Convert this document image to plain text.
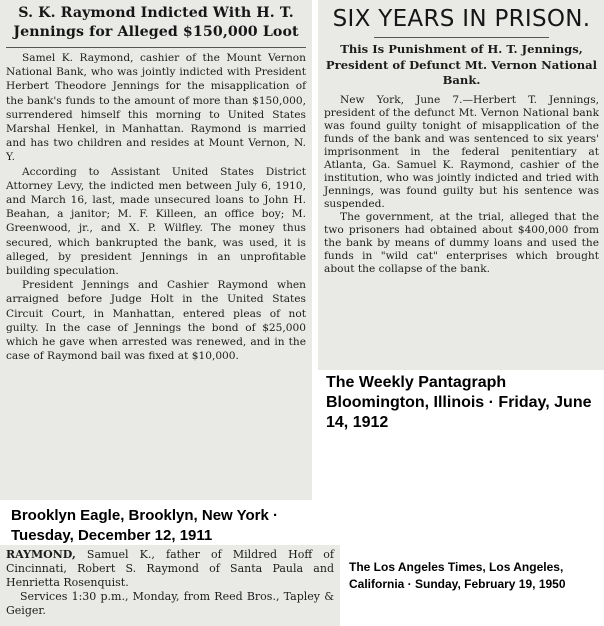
S. K. Raymond Indicted With H. T. Jennings for Alleged $150,000 Loot

Samel K. Raymond, cashier of the Mount Vernon National Bank, who was jointly indicted with President Herbert Theodore Jennings for the misapplication of the bank's funds to the amount of more than $150,000, surrendered himself this morning to United States Marshal Henkel, in Manhattan. Raymond is married and has two children and resides at Mount Vernon, N. Y.

According to Assistant United States District Attorney Levy, the indicted men between July 6, 1910, and March 16, last, made unsecured loans to John H. Beahan, a janitor; M. F. Killeen, an office boy; M. Greenwood, jr., and X. P. Wilfley. The money thus secured, which bankrupted the bank, was used, it is alleged, by president Jennings in an unprofitable building speculation.

President Jennings and Cashier Raymond when arraigned before Judge Holt in the United States Circuit Court, in Manhattan, entered pleas of not guilty. In the case of Jennings the bond of $25,000 which he gave when arrested was renewed, and in the case of Raymond bail was fixed at $10,000.

SIX YEARS IN PRISON.
This Is Punishment of H. T. Jennings, President of Defunct Mt. Vernon National Bank.

New York, June 7.—Herbert T. Jennings, president of the defunct Mt. Vernon National bank was found guilty tonight of misapplication of the funds of the bank and was sentenced to six years' imprisonment in the federal penitentiary at Atlanta, Ga. Samuel K. Raymond, cashier of the institution, who was jointly indicted and tried with Jennings, was found guilty but his sentence was suspended.

The government, at the trial, alleged that the two prisoners had obtained about $400,000 from the bank by means of dummy loans and used the funds in "wild cat" enterprises which brought about the collapse of the bank.

The Weekly Pantagraph Bloomington, Illinois · Friday, June 14, 1912
Brooklyn Eagle, Brooklyn, New York · Tuesday, December 12, 1911

RAYMOND, Samuel K., father of Mildred Hoff of Cincinnati, Robert S. Raymond of Santa Paula and Henrietta Rosenquist.

Services 1:30 p.m., Monday, from Reed Bros., Tapley & Geiger.

The Los Angeles Times, Los Angeles, California · Sunday, February 19, 1950
